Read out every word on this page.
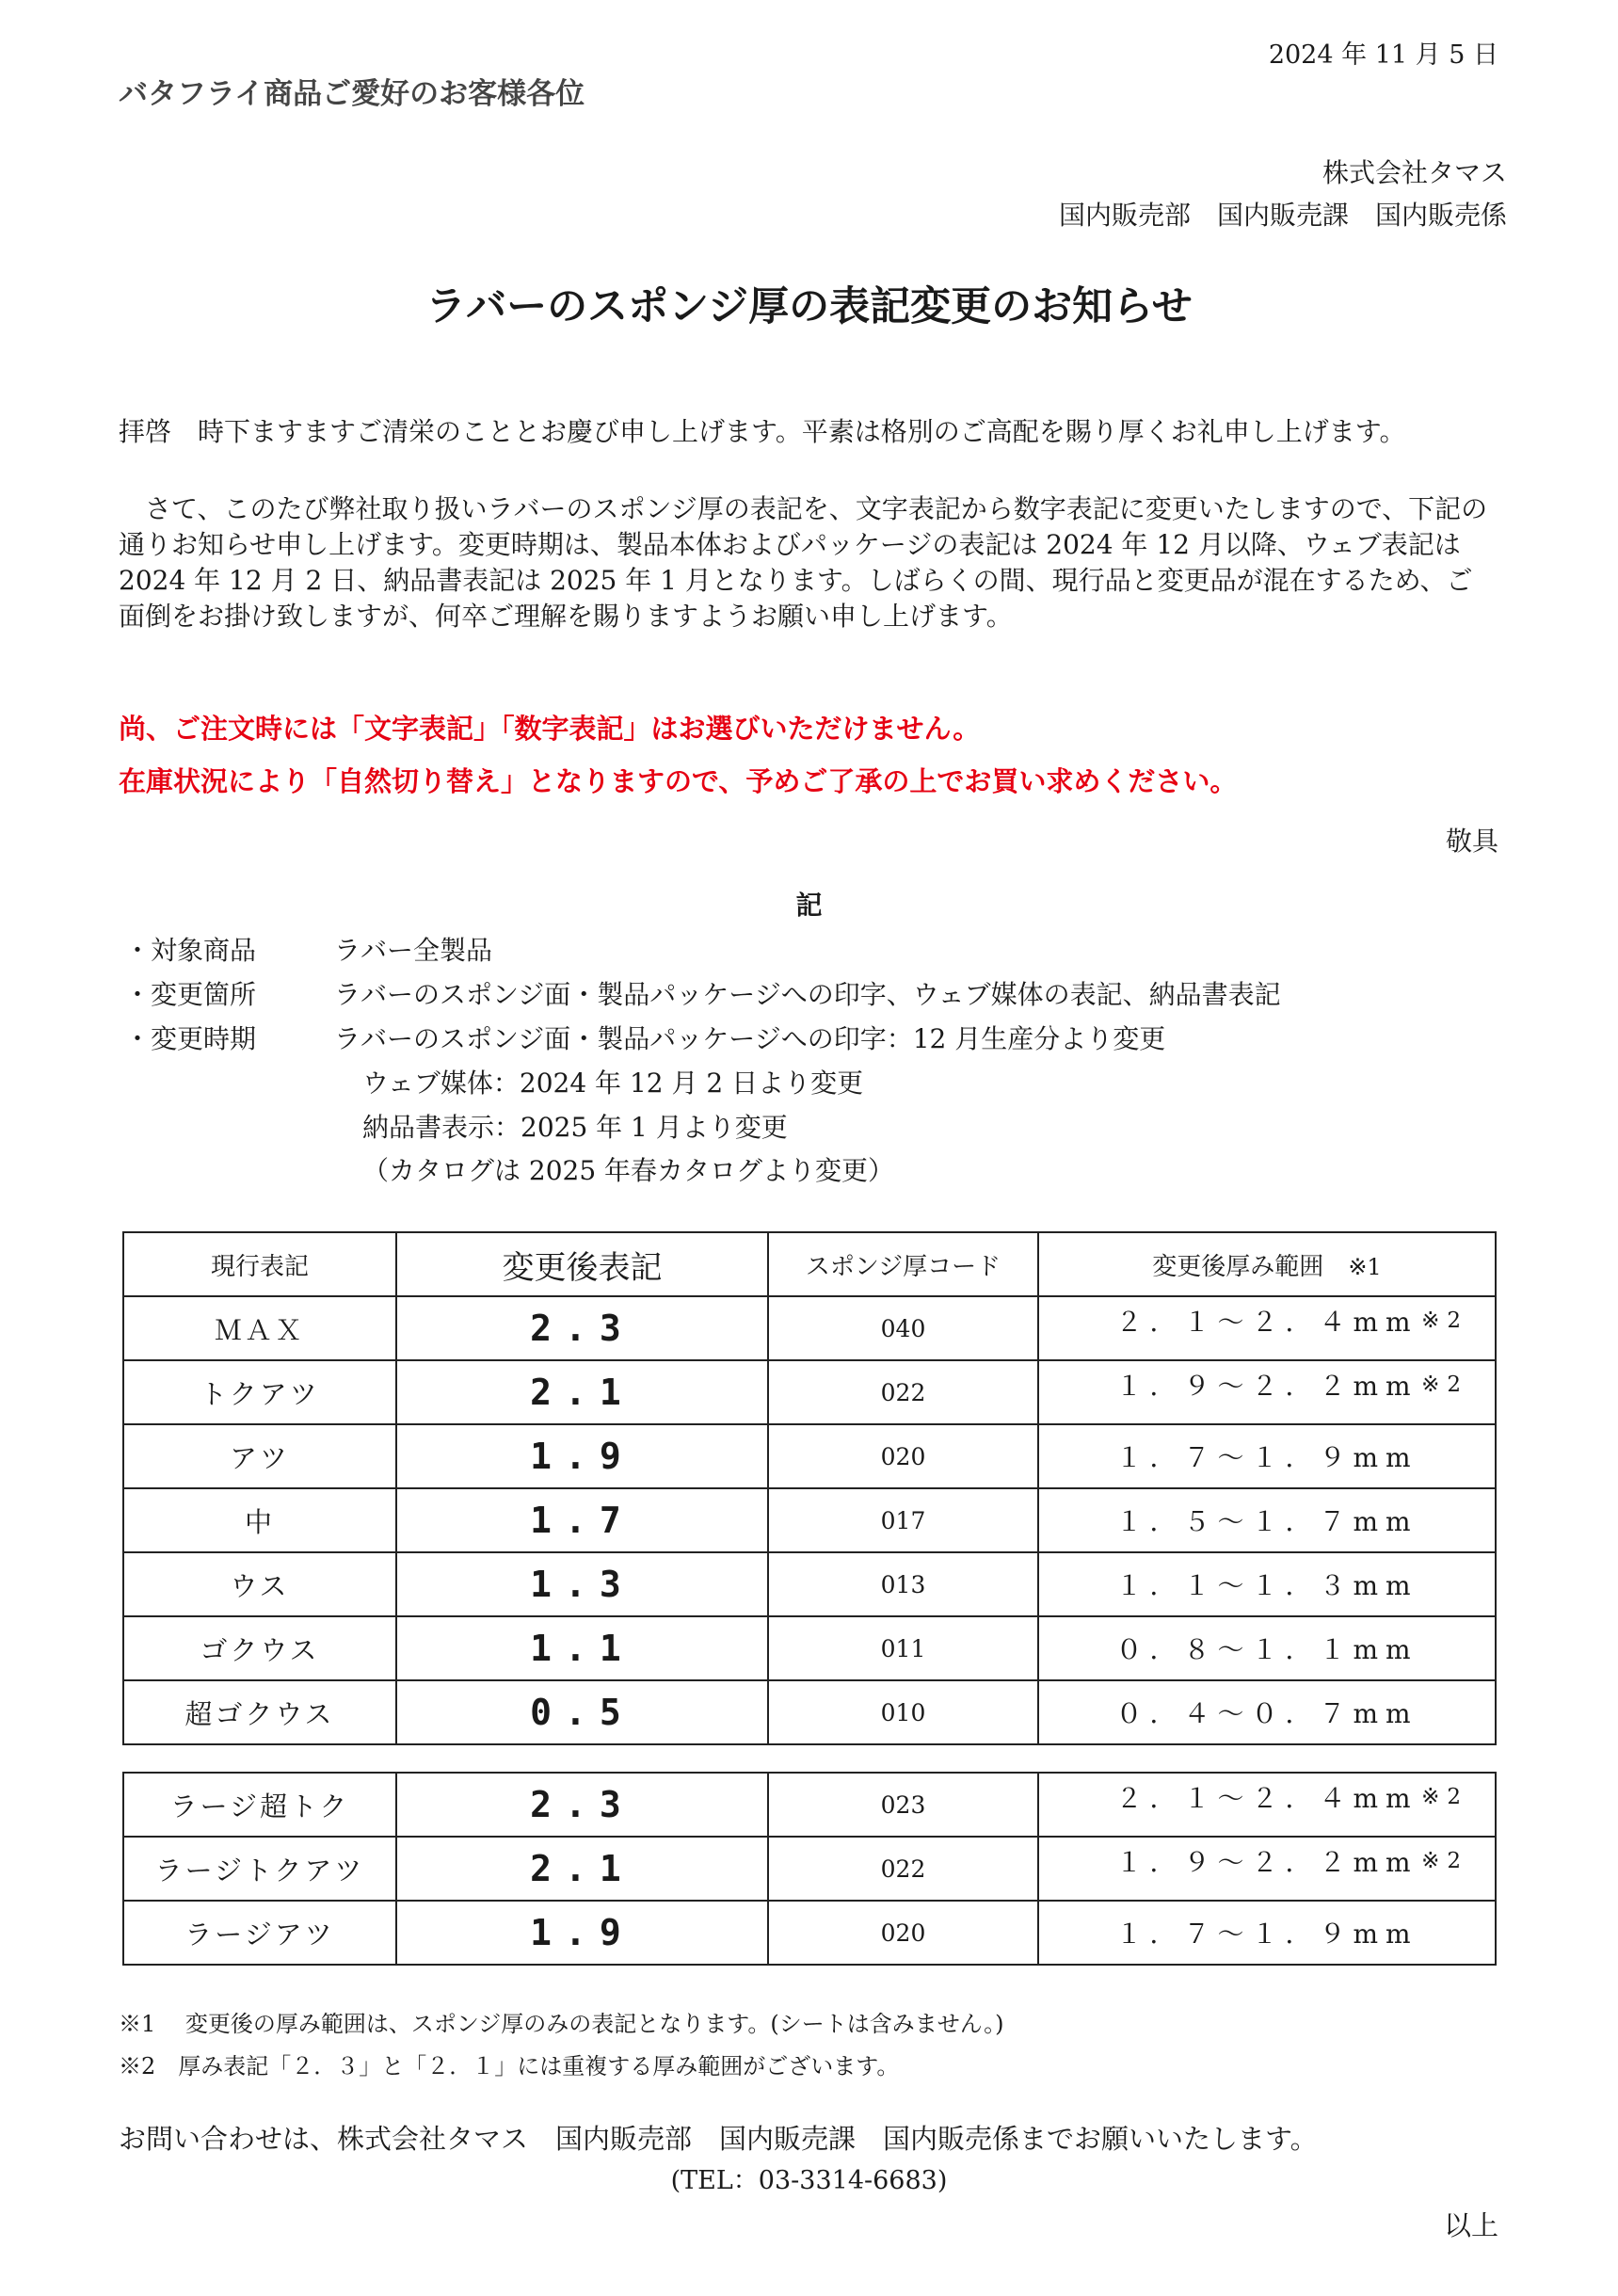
2024 年 11 月 5 日
バタフライ商品ご愛好のお客様各位
株式会社タマス
国内販売部　国内販売課　国内販売係
ラバーのスポンジ厚の表記変更のお知らせ
拝啓　時下ますますご清栄のこととお慶び申し上げます。平素は格別のご高配を賜り厚くお礼申し上げます。
　さて、このたび弊社取り扱いラバーのスポンジ厚の表記を、文字表記から数字表記に変更いたしますので、下記の通りお知らせ申し上げます。変更時期は、製品本体およびパッケージの表記は 2024 年 12 月以降、ウェブ表記は 2024 年 12 月 2 日、納品書表記は 2025 年 1 月となります。しばらくの間、現行品と変更品が混在するため、ご面倒をお掛け致しますが、何卒ご理解を賜りますようお願い申し上げます。
尚、ご注文時には「文字表記」「数字表記」はお選びいただけません。
在庫状況により「自然切り替え」となりますので、予めご了承の上でお買い求めください。
敬具
記
・対象商品	ラバー全製品
・変更箇所	ラバーのスポンジ面・製品パッケージへの印字、ウェブ媒体の表記、納品書表記
・変更時期	ラバーのスポンジ面・製品パッケージへの印字：12 月生産分より変更
ウェブ媒体：2024 年 12 月 2 日より変更
納品書表示：2025 年 1 月より変更
（カタログは 2025 年春カタログより変更）
現行表記	変更後表記	スポンジ厚コード	変更後厚み範囲　 ※1
ＭＡＸ	2.3	040	２．１～２．４mm ※2

トクアツ	2.1	022	１．９～２．２mm ※2

アツ	1.9	020	１．７～１．９mm
中	1.7	017	１．５～１．７mm
ウス	1.3	013	１．１～１．３mm
ゴクウス	1.1	011	０．８～１．１mm
超ゴクウス	0.5	010	０．４～０．７mm
ラージ超トク	2.3	023	２．１～２．４mm ※2

ラージトクアツ	2.1	022	１．９～２．２mm ※2

ラージアツ	1.9	020	１．７～１．９mm
※1　 変更後の厚み範囲は、スポンジ厚のみの表記となります。(シートは含みません。)
※2　厚み表記「２．３」と「２．１」には重複する厚み範囲がございます。
お問い合わせは、株式会社タマス　国内販売部　国内販売課　国内販売係までお願いいたします。
(TEL：03-3314-6683)
以上
